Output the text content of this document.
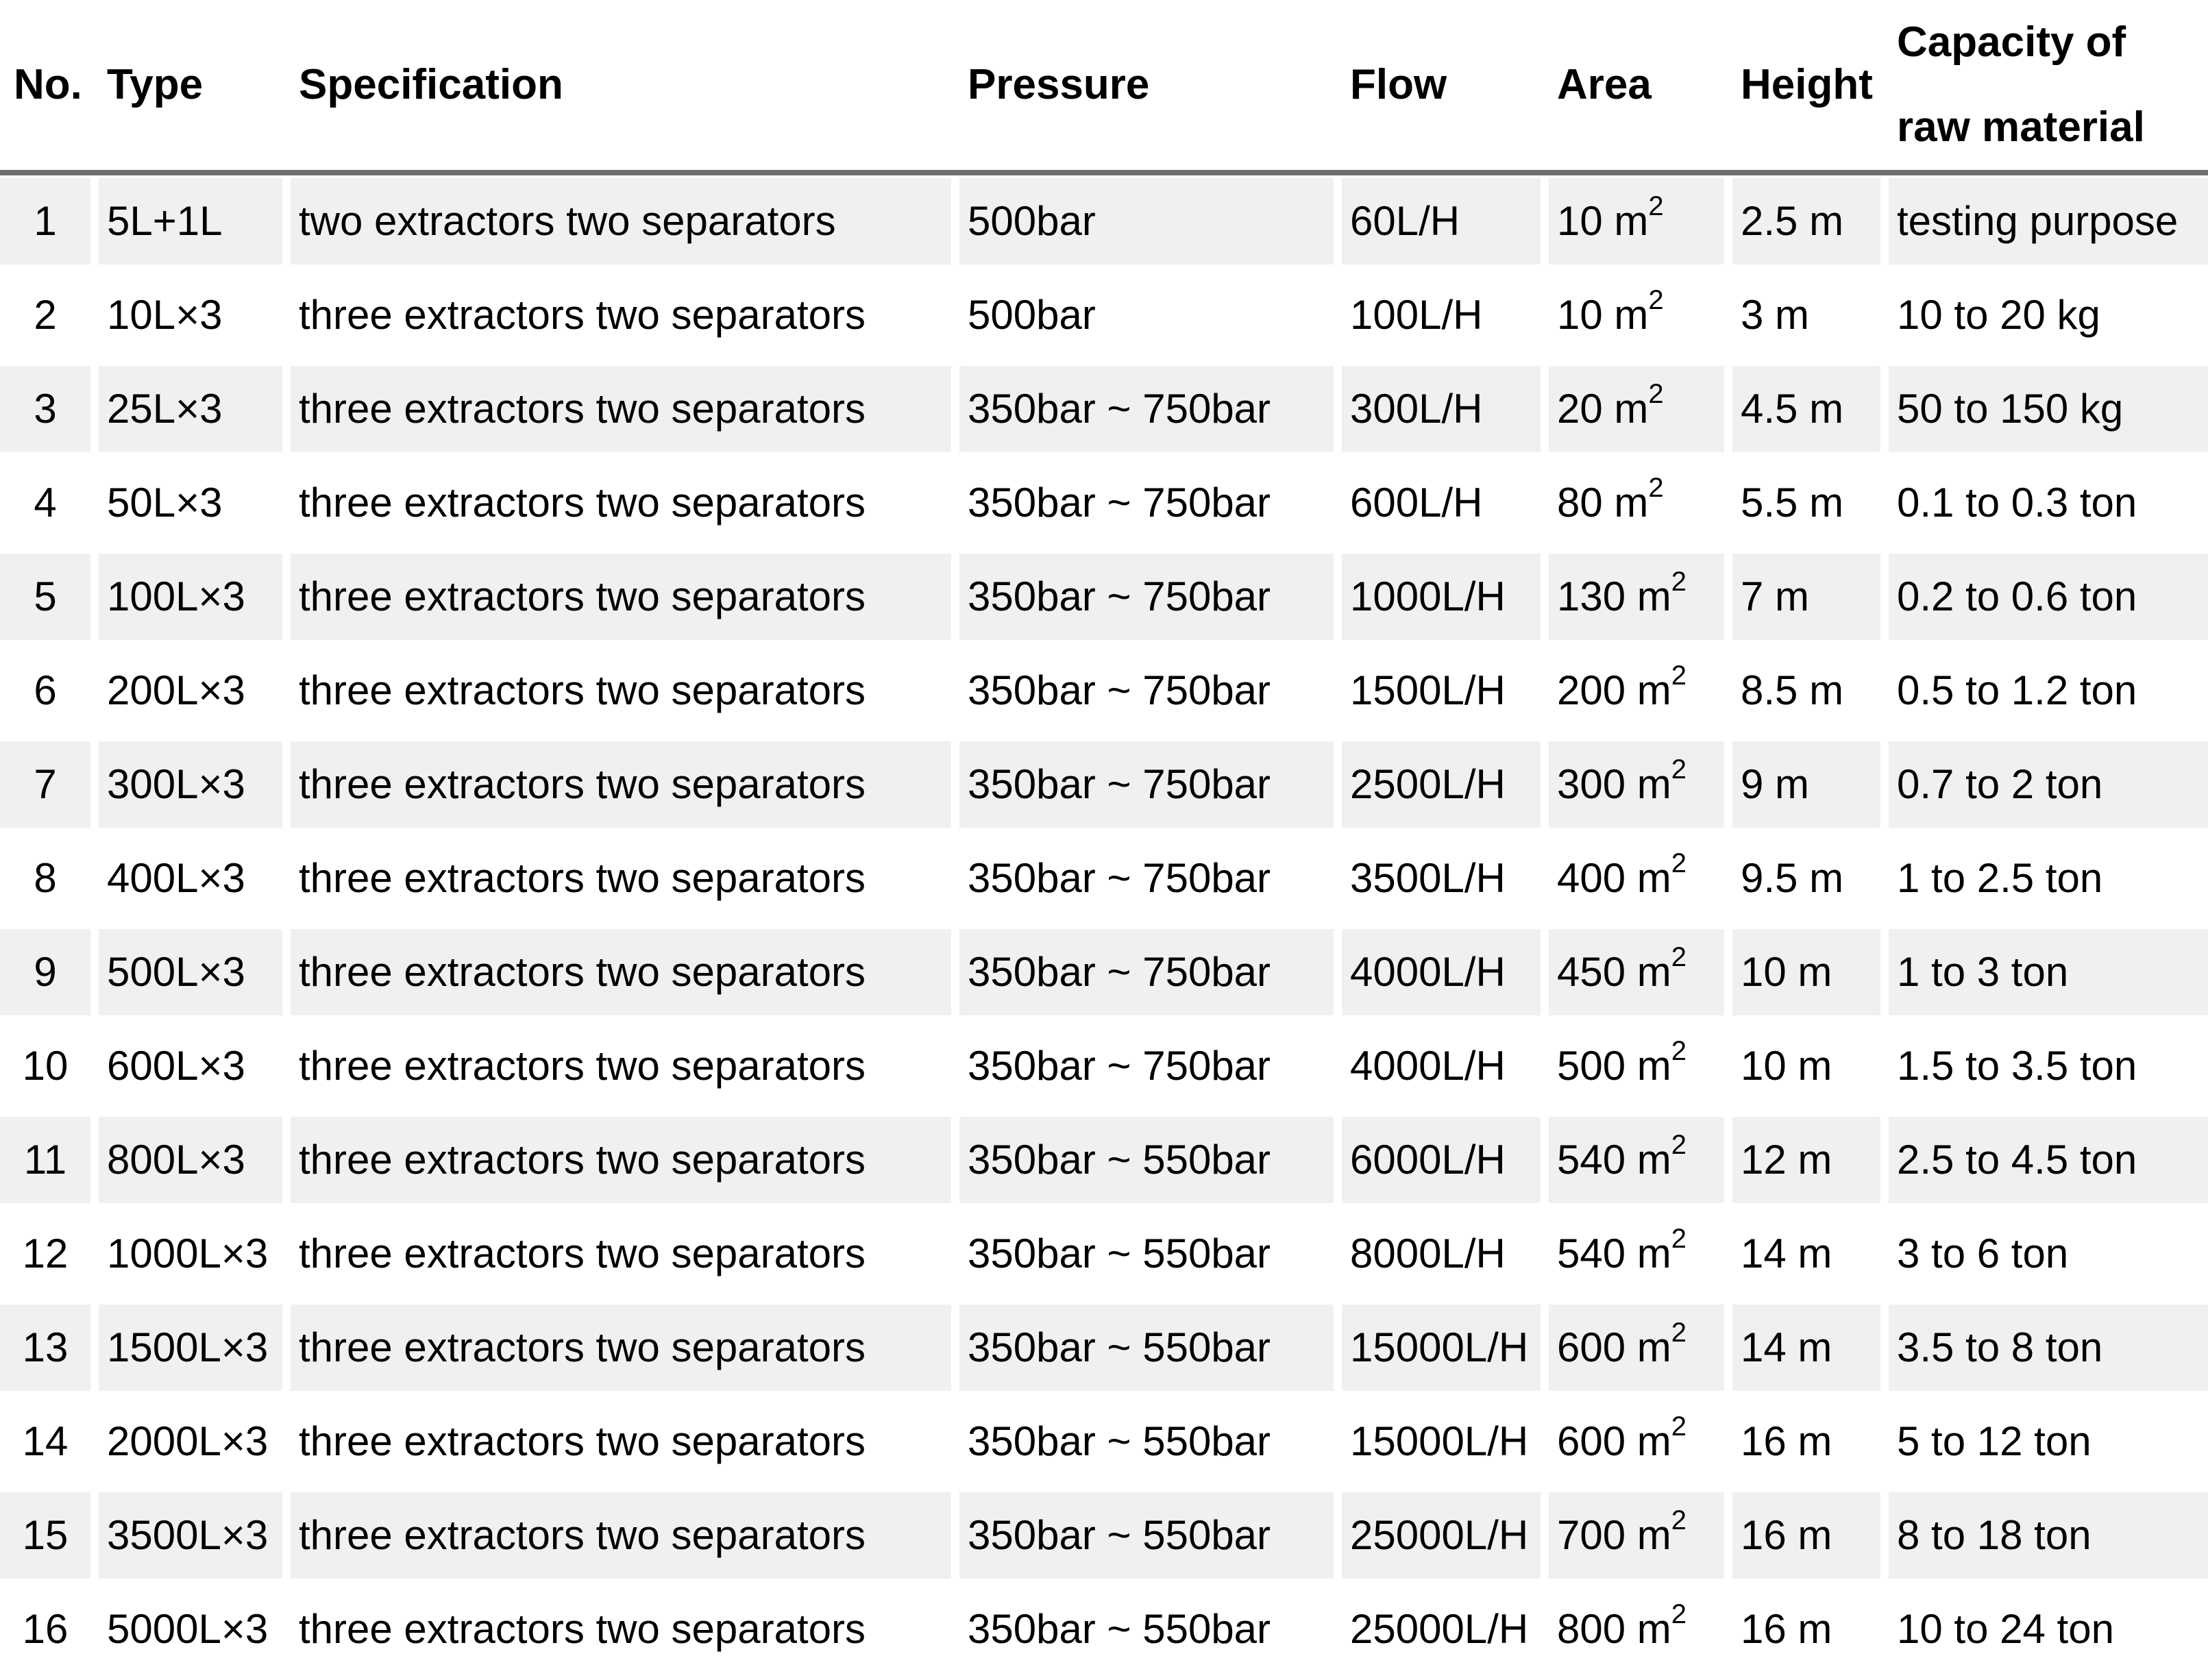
No.	Type	Specification	Pressure	Flow	Area	Height	Capacity of
raw material
1	5L+1L	two extractors two separators	500bar	60L/H	10 $m^2$	2.5 m	testing purpose
2	10L×3	three extractors two separators	500bar	100L/H	10 $m^2$	3 m	10 to 20 kg
3	25L×3	three extractors two separators	350bar ~ 750bar	300L/H	20 $m^2$	4.5 m	50 to 150 kg
4	50L×3	three extractors two separators	350bar ~ 750bar	600L/H	80 $m^2$	5.5 m	0.1 to 0.3 ton
5	100L×3	three extractors two separators	350bar ~ 750bar	1000L/H	130 $m^2$	7 m	0.2 to 0.6 ton
6	200L×3	three extractors two separators	350bar ~ 750bar	1500L/H	200 $m^2$	8.5 m	0.5 to 1.2 ton
7	300L×3	three extractors two separators	350bar ~ 750bar	2500L/H	300 $m^2$	9 m	0.7 to 2 ton
8	400L×3	three extractors two separators	350bar ~ 750bar	3500L/H	400 $m^2$	9.5 m	1 to 2.5 ton
9	500L×3	three extractors two separators	350bar ~ 750bar	4000L/H	450 $m^2$	10 m	1 to 3 ton
10	600L×3	three extractors two separators	350bar ~ 750bar	4000L/H	500 $m^2$	10 m	1.5 to 3.5 ton
11	800L×3	three extractors two separators	350bar ~ 550bar	6000L/H	540 $m^2$	12 m	2.5 to 4.5 ton
12	1000L×3	three extractors two separators	350bar ~ 550bar	8000L/H	540 $m^2$	14 m	3 to 6 ton
13	1500L×3	three extractors two separators	350bar ~ 550bar	15000L/H	600 $m^2$	14 m	3.5 to 8 ton
14	2000L×3	three extractors two separators	350bar ~ 550bar	15000L/H	600 $m^2$	16 m	5 to 12 ton
15	3500L×3	three extractors two separators	350bar ~ 550bar	25000L/H	700 $m^2$	16 m	8 to 18 ton
16	5000L×3	three extractors two separators	350bar ~ 550bar	25000L/H	800 $m^2$	16 m	10 to 24 ton
